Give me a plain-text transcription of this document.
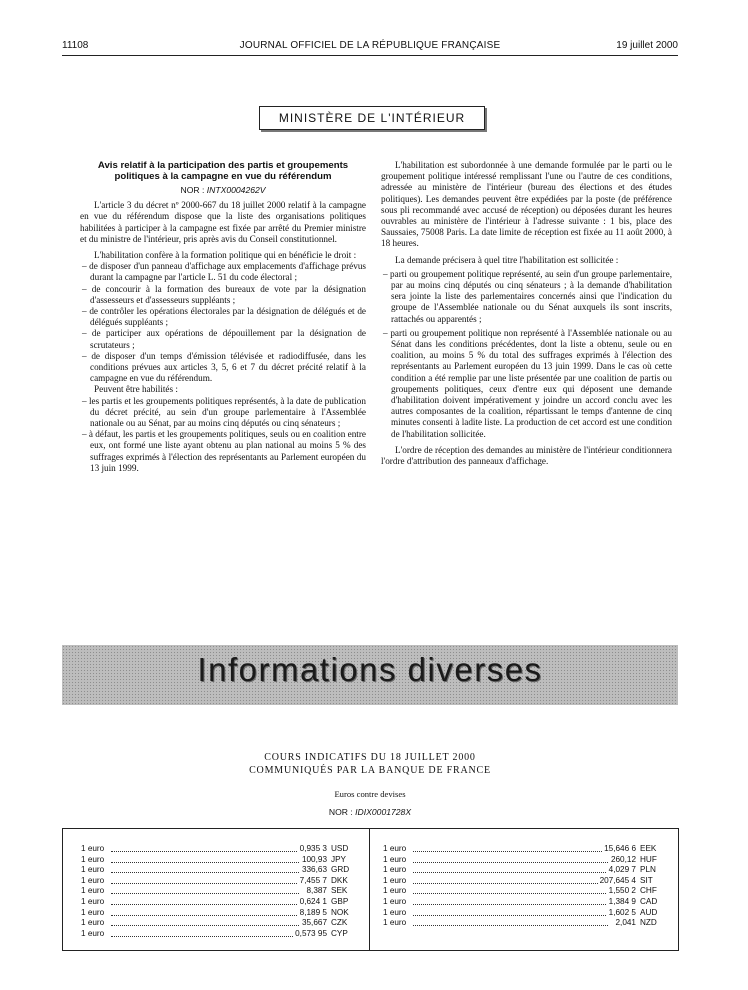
11108	JOURNAL OFFICIEL DE LA RÉPUBLIQUE FRANÇAISE	19 juillet 2000
MINISTÈRE DE L'INTÉRIEUR

Avis relatif à la participation des partis et groupements
politiques à la campagne en vue du référendum

NOR : INTX0004262V

L'article 3 du décret nº 2000-667 du 18 juillet 2000 relatif à la campagne en vue du référendum dispose que la liste des organisations politiques habilitées à participer à la campagne est fixée par arrêté du Premier ministre et du ministre de l'intérieur, pris après avis du Conseil constitutionnel.

L'habilitation confère à la formation politique qui en bénéficie le droit :

– de disposer d'un panneau d'affichage aux emplacements d'affichage prévus durant la campagne par l'article L. 51 du code électoral ;

– de concourir à la formation des bureaux de vote par la désignation d'assesseurs et d'assesseurs suppléants ;

– de contrôler les opérations électorales par la désignation de délégués et de délégués suppléants ;

– de participer aux opérations de dépouillement par la désignation de scrutateurs ;

– de disposer d'un temps d'émission télévisée et radiodiffusée, dans les conditions prévues aux articles 3, 5, 6 et 7 du décret précité relatif à la campagne en vue du référendum.

Peuvent être habilités :

– les partis et les groupements politiques représentés, à la date de publication du décret précité, au sein d'un groupe parlementaire à l'Assemblée nationale ou au Sénat, par au moins cinq députés ou cinq sénateurs ;

– à défaut, les partis et les groupements politiques, seuls ou en coalition entre eux, ont formé une liste ayant obtenu au plan national au moins 5 % des suffrages exprimés à l'élection des représentants au Parlement européen du 13 juin 1999.

L'habilitation est subordonnée à une demande formulée par le parti ou le groupement politique intéressé remplissant l'une ou l'autre de ces conditions, adressée au ministère de l'intérieur (bureau des élections et des études politiques). Les demandes peuvent être expédiées par la poste (de préférence sous pli recommandé avec accusé de réception) ou déposées durant les heures ouvrables au ministère de l'intérieur à l'adresse suivante : 1 bis, place des Saussaies, 75008 Paris. La date limite de réception est fixée au 11 août 2000, à 18 heures.

La demande précisera à quel titre l'habilitation est sollicitée :

– parti ou groupement politique représenté, au sein d'un groupe parlementaire, par au moins cinq députés ou cinq sénateurs ; à la demande d'habilitation sera jointe la liste des parlementaires concernés ainsi que l'indication du groupe de l'Assemblée nationale ou du Sénat auxquels ils sont inscrits, rattachés ou apparentés ;

– parti ou groupement politique non représenté à l'Assemblée nationale ou au Sénat dans les conditions précédentes, dont la liste a obtenu, seule ou en coalition, au moins 5 % du total des suffrages exprimés à l'élection des représentants au Parlement européen du 13 juin 1999. Dans le cas où cette condition a été remplie par une liste présentée par une coalition de partis ou groupements politiques, ceux d'entre eux qui déposent une demande d'habilitation doivent impérativement y joindre un accord conclu avec les autres composantes de la coalition, répartissant le temps d'antenne de cinq minutes consenti à ladite liste. La production de cet accord est une condition de l'habilitation sollicitée.

L'ordre de réception des demandes au ministère de l'intérieur conditionnera l'ordre d'attribution des panneaux d'affichage.

Informations diverses
COURS INDICATIFS DU 18 JUILLET 2000
COMMUNIQUÉS PAR LA BANQUE DE FRANCE
Euros contre devises
NOR : IDIX0001728X
1 euro	0,935 3 USD
1 euro	100,93 JPY
1 euro	336,63 GRD
1 euro	7,455 7 DKK
1 euro	8,387 SEK
1 euro	0,624 1 GBP
1 euro	8,189 5 NOK
1 euro	35,667 CZK
1 euro	0,573 95 CYP
1 euro	15,646 6 EEK
1 euro	260,12 HUF
1 euro	4,029 7 PLN
1 euro	207,645 4 SIT
1 euro	1,550 2 CHF
1 euro	1,384 9 CAD
1 euro	1,602 5 AUD
1 euro	2,041 NZD
